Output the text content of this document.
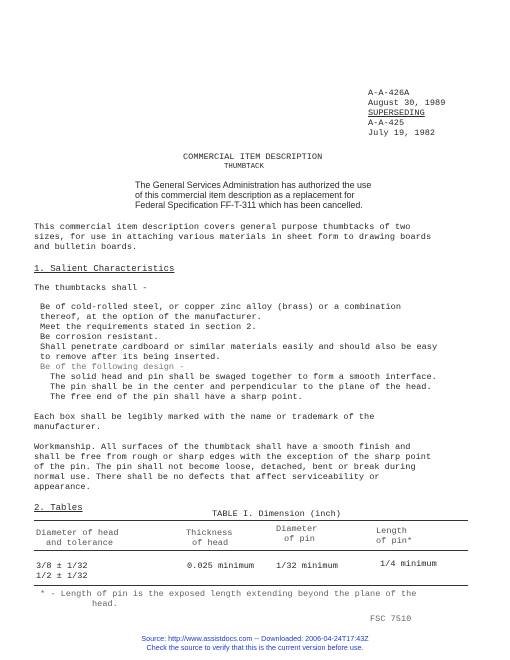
A-A-426A
August 30, 1989
SUPERSEDING
A-A-425
July 19, 1982
COMMERCIAL ITEM DESCRIPTION
THUMBTACK
The General Services Administration has authorized the use
of this commercial item description as a replacement for
Federal Specification FF-T-311 which has been cancelled.
This commercial item description covers general purpose thumbtacks of two
sizes, for use in attaching various materials in sheet form to drawing boards
and bulletin boards.
1. Salient Characteristics
The thumbtacks shall -
Be of cold-rolled steel, or copper zinc alloy (brass) or a combination
thereof, at the option of the manufacturer.
Meet the requirements stated in section 2.
Be corrosion resistant.
Shall penetrate cardboard or similar materials easily and should also be easy
to remove after its being inserted.
Be of the following design -
The solid head and pin shall be swaged together to form a smooth interface.
The pin shall be in the center and perpendicular to the plane of the head.
The free end of the pin shall have a sharp point.
Each box shall be legibly marked with the name or trademark of the
manufacturer.
Workmanship. All surfaces of the thumbtack shall have a smooth finish and
shall be free from rough or sharp edges with the exception of the sharp point
of the pin. The pin shall not become loose, detached, bent or break during
normal use. There shall be no defects that affect serviceability or
appearance.
2. Tables
TABLE I. Dimension (inch)
Diameter of head
and tolerance
Thickness
of head
Diameter
of pin
Length
of pin*
3/8 ± 1/32
1/2 ± 1/32
0.025 minimum	1/32 minimum	1/4 minimum
* - Length of pin is the exposed length extending beyond the plane of the
head.
FSC 7510
Source: http://www.assistdocs.com -- Downloaded: 2006-04-24T17:43Z
Check the source to verify that this is the current version before use.
